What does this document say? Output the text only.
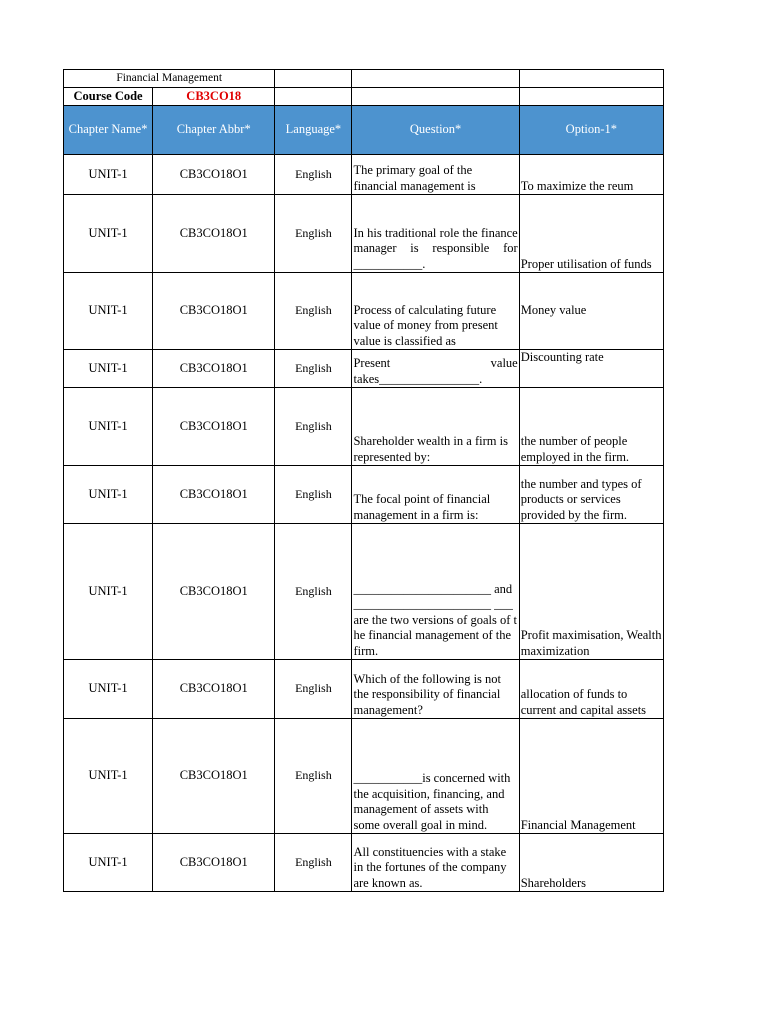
Financial Management				
Course Code	CB3CO18			
Chapter Name*	Chapter Abbr*	Language*	Question*	Option-1*
UNIT-1	CB3CO18O1	English	The primary goal of the financial management is	To maximize the reum
UNIT-1	CB3CO18O1	English	In his traditional role the finance manager is responsible for ___________.	Proper utilisation of funds
UNIT-1	CB3CO18O1	English	Process of calculating future value of money from present value is classified as	Money value
UNIT-1	CB3CO18O1	English	Present value takes________________.	Discounting rate
UNIT-1	CB3CO18O1	English	Shareholder wealth in a firm is represented by:	the number of people employed in the firm.
UNIT-1	CB3CO18O1	English	The focal point of financial management in a firm is:	the number and types of products or services provided by the firm.
UNIT-1	CB3CO18O1	English	______________________ and ______________________ ___ are the two versions of goals of the financial management of the firm.	Profit maximisation, Wealth maximization
UNIT-1	CB3CO18O1	English	Which of the following is not the responsibility of financial management?	allocation of funds to current and capital assets
UNIT-1	CB3CO18O1	English	___________is concerned with the acquisition, financing, and management of assets with some overall goal in mind.	Financial Management
UNIT-1	CB3CO18O1	English	All constituencies with a stake in the fortunes of the company are known as.	Shareholders
